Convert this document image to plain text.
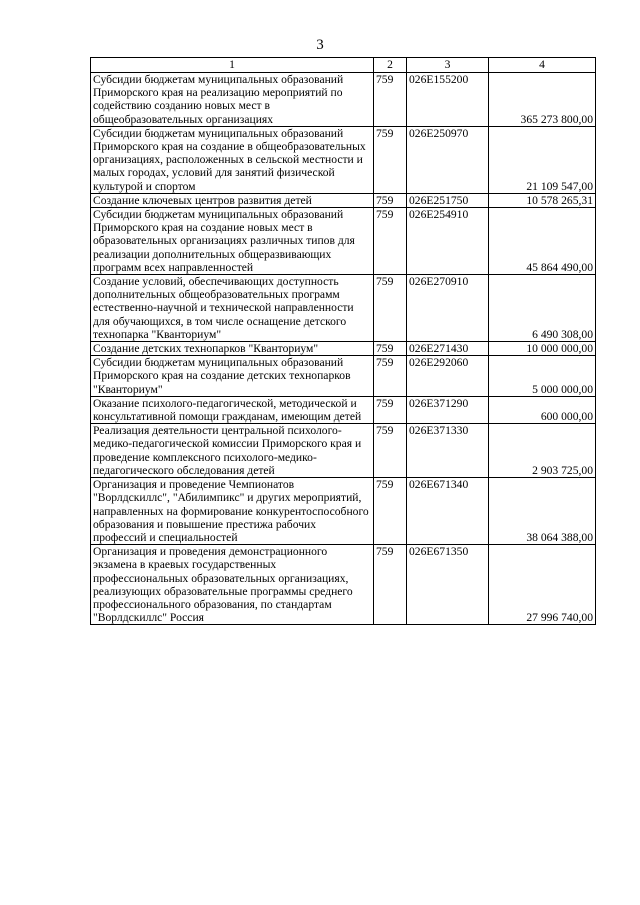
3
1	2	3	4
Субсидии бюджетам муниципальных образований Приморского края на реализацию мероприятий по содействию созданию новых мест в общеобразовательных организациях	759	026Е155200	365 273 800,00
Субсидии бюджетам муниципальных образований Приморского края на создание в общеобразовательных организациях, расположенных в сельской местности и малых городах, условий для занятий физической культурой и спортом	759	026Е250970	21 109 547,00
Создание ключевых центров развития детей	759	026Е251750	10 578 265,31
Субсидии бюджетам муниципальных образований Приморского края на создание новых мест в образовательных организациях различных типов для реализации дополнительных общеразвивающих программ всех направленностей	759	026Е254910	45 864 490,00
Создание условий, обеспечивающих доступность дополнительных общеобразовательных программ естественно-научной и технической направленности для обучающихся, в том числе оснащение детского технопарка "Кванториум"	759	026Е270910	6 490 308,00
Создание детских технопарков "Кванториум"	759	026Е271430	10 000 000,00
Субсидии бюджетам муниципальных образований Приморского края на создание детских технопарков "Кванториум"	759	026Е292060	5 000 000,00
Оказание психолого-педагогической, методической и консультативной помощи гражданам, имеющим детей	759	026Е371290	600 000,00
Реализация деятельности центральной психолого-медико-педагогической комиссии Приморского края и проведение комплексного психолого-медико-педагогического обследования детей	759	026Е371330	2 903 725,00
Организация и проведение Чемпионатов "Ворлдскиллс", "Абилимпикс" и других мероприятий, направленных на формирование конкурентоспособного образования и повышение престижа рабочих профессий и специальностей	759	026Е671340	38 064 388,00
Организация и проведения демонстрационного экзамена в краевых государственных профессиональных образовательных организациях, реализующих образовательные программы среднего профессионального образования, по стандартам "Ворлдскиллс" Россия	759	026Е671350	27 996 740,00
